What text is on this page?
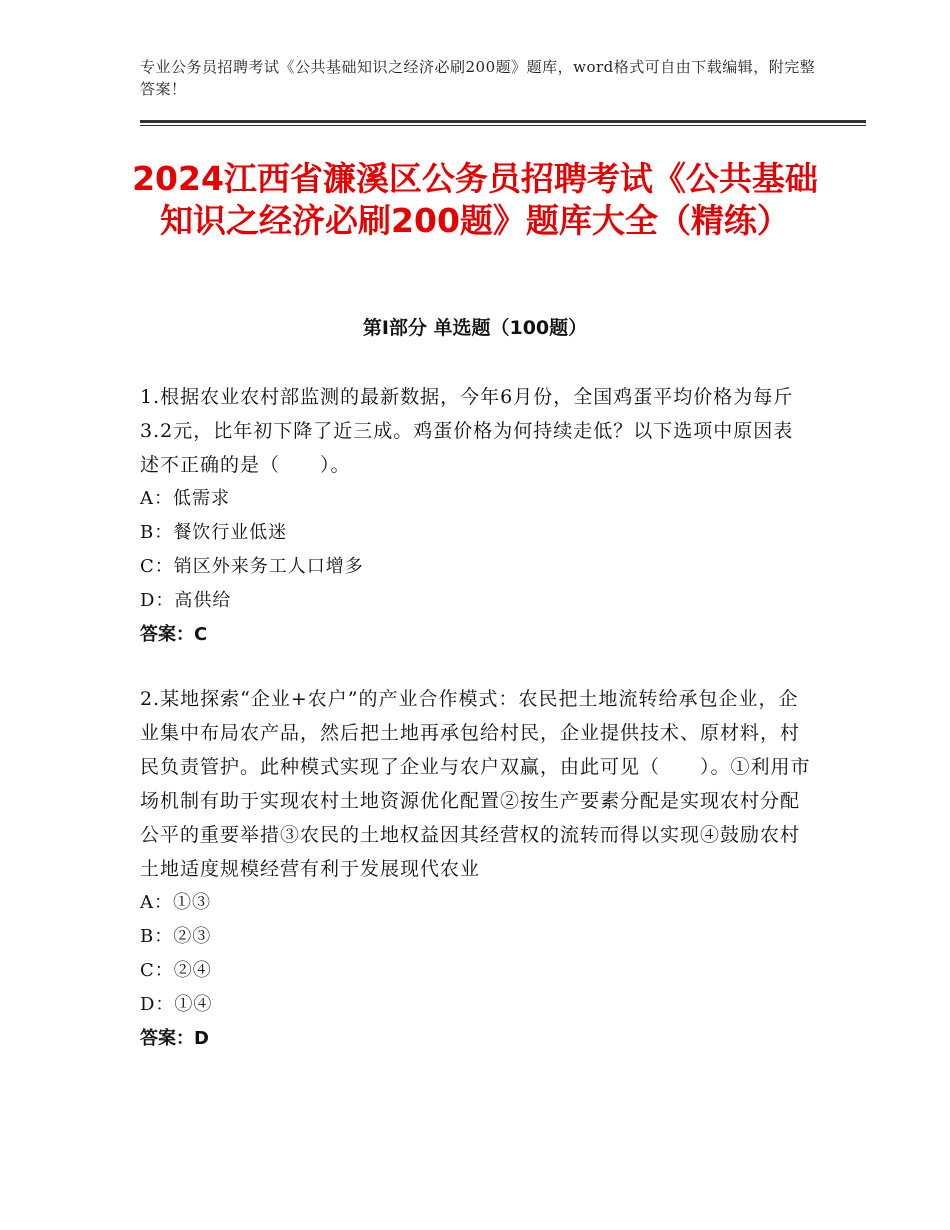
专业公务员招聘考试《公共基础知识之经济必刷200题》题库，word格式可自由下载编辑，附完整答案！
2024江西省濂溪区公务员招聘考试《公共基础知识之经济必刷200题》题库大全（精练）
第Ⅰ部分 单选题（100题）
1.根据农业农村部监测的最新数据，今年6月份，全国鸡蛋平均价格为每斤3.2元，比年初下降了近三成。鸡蛋价格为何持续走低？以下选项中原因表述不正确的是（　　）。
A：低需求
B：餐饮行业低迷
C：销区外来务工人口增多
D：高供给
答案：C
2.某地探索“企业+农户”的产业合作模式：农民把土地流转给承包企业，企业集中布局农产品，然后把土地再承包给村民，企业提供技术、原材料，村民负责管护。此种模式实现了企业与农户双赢，由此可见（　　）。①利用市场机制有助于实现农村土地资源优化配置②按生产要素分配是实现农村分配公平的重要举措③农民的土地权益因其经营权的流转而得以实现④鼓励农村土地适度规模经营有利于发展现代农业
A：①③
B：②③
C：②④
D：①④
答案：D
